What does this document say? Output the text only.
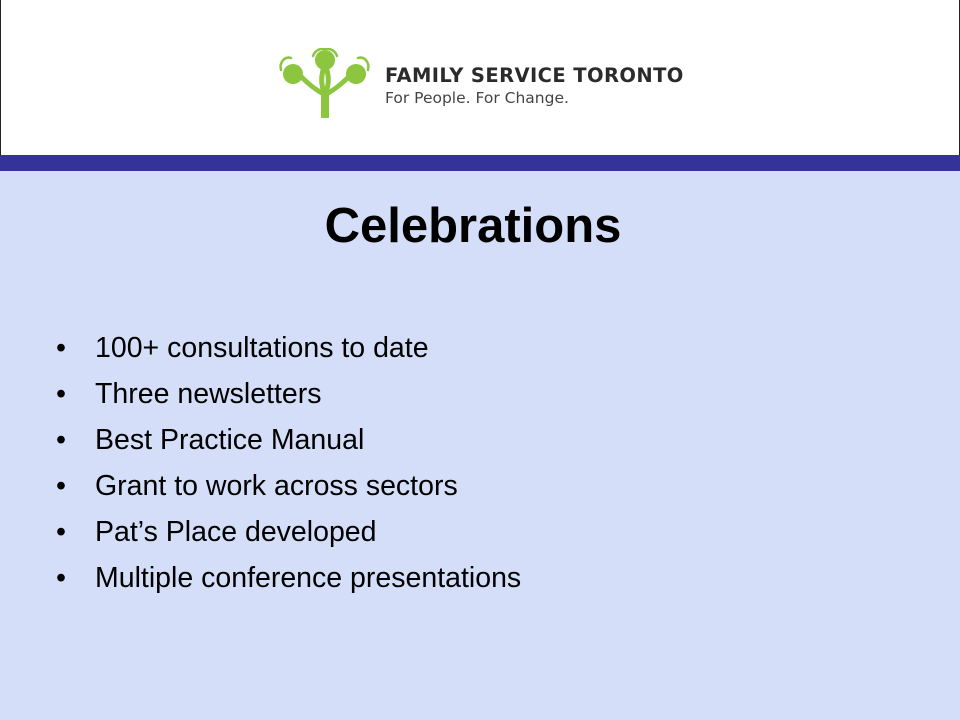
FAMILY SERVICE TORONTO
For People. For Change.
Celebrations
• 100+ consultations to date
• Three newsletters
• Best Practice Manual
• Grant to work across sectors
• Pat’s Place developed
• Multiple conference presentations
